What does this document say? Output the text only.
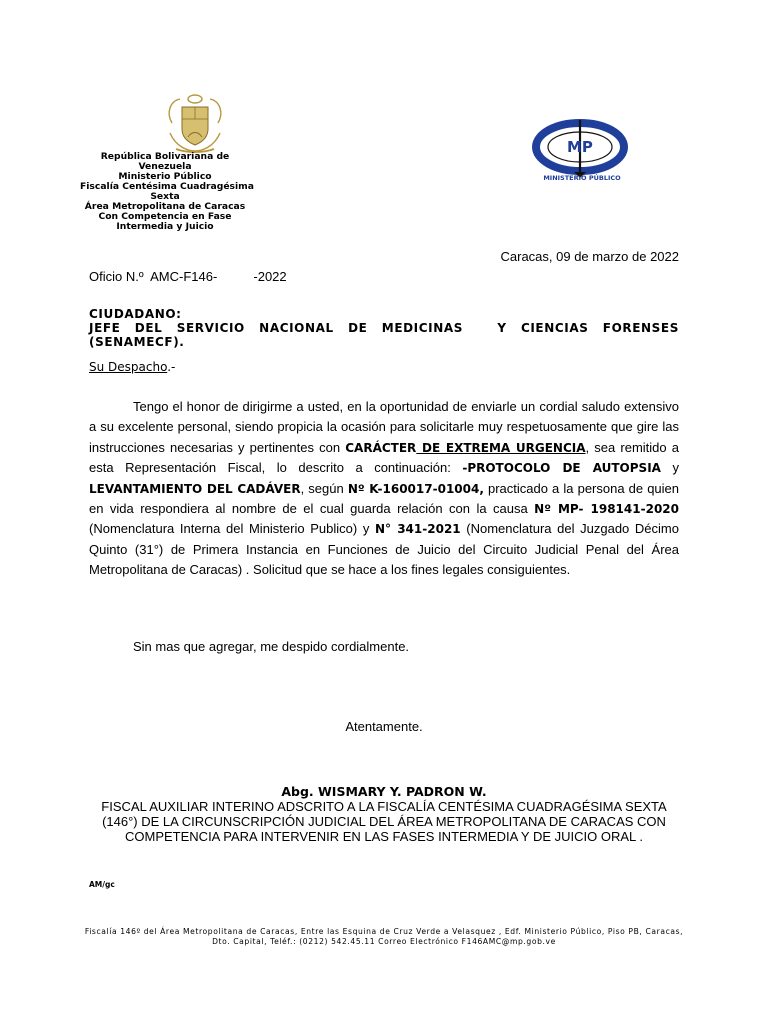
República Bolivariana de
Venezuela
Ministerio Público
Fiscalía Centésima Cuadragésima
Sexta
Área Metropolitana de Caracas
Con Competencia en Fase
Intermedia y Juicio
MP
MINISTERIO PÚBLICO
Caracas, 09 de marzo de 2022
Oficio N.º  AMC-F146-          -2022
CIUDADANO:
JEFE DEL SERVICIO NACIONAL DE MEDICINAS	Y CIENCIAS FORENSES
(SENAMECF).
Su Despacho.-

Tengo el honor de dirigirme a usted, en la oportunidad de enviarle un cordial saludo extensivo a su excelente personal, siendo propicia la ocasión para solicitarle muy respetuosamente que gire las instrucciones necesarias y pertinentes con CARÁCTER DE EXTREMA URGENCIA, sea remitido a esta Representación Fiscal, lo descrito a continuación: -PROTOCOLO DE AUTOPSIA y LEVANTAMIENTO DEL CADÁVER, según Nº K-160017-01004, practicado a la persona de quien en vida respondiera al nombre de el cual guarda relación con la causa Nº MP- 198141-2020 (Nomenclatura Interna del Ministerio Publico) y N° 341-2021 (Nomenclatura del Juzgado Décimo Quinto (31°) de Primera Instancia en Funciones de Juicio del Circuito Judicial Penal del Área Metropolitana de Caracas) . Solicitud que se hace a los fines legales consiguientes.

Sin mas que agregar, me despido cordialmente.
Atentamente.
Abg. WISMARY Y. PADRON W.
FISCAL AUXILIAR INTERINO ADSCRITO A LA FISCALÍA CENTÉSIMA CUADRAGÉSIMA SEXTA (146°) DE LA CIRCUNSCRIPCIÓN JUDICIAL DEL ÁREA METROPOLITANA DE CARACAS CON COMPETENCIA PARA INTERVENIR EN LAS FASES INTERMEDIA Y DE JUICIO ORAL .
AM/gc
Fiscalía 146º del Área Metropolitana de Caracas, Entre las Esquina de Cruz Verde a Velasquez , Edf. Ministerio Público, Piso PB, Caracas, Dto. Capital, Teléf.: (0212) 542.45.11 Correo Electrónico F146AMC@mp.gob.ve
